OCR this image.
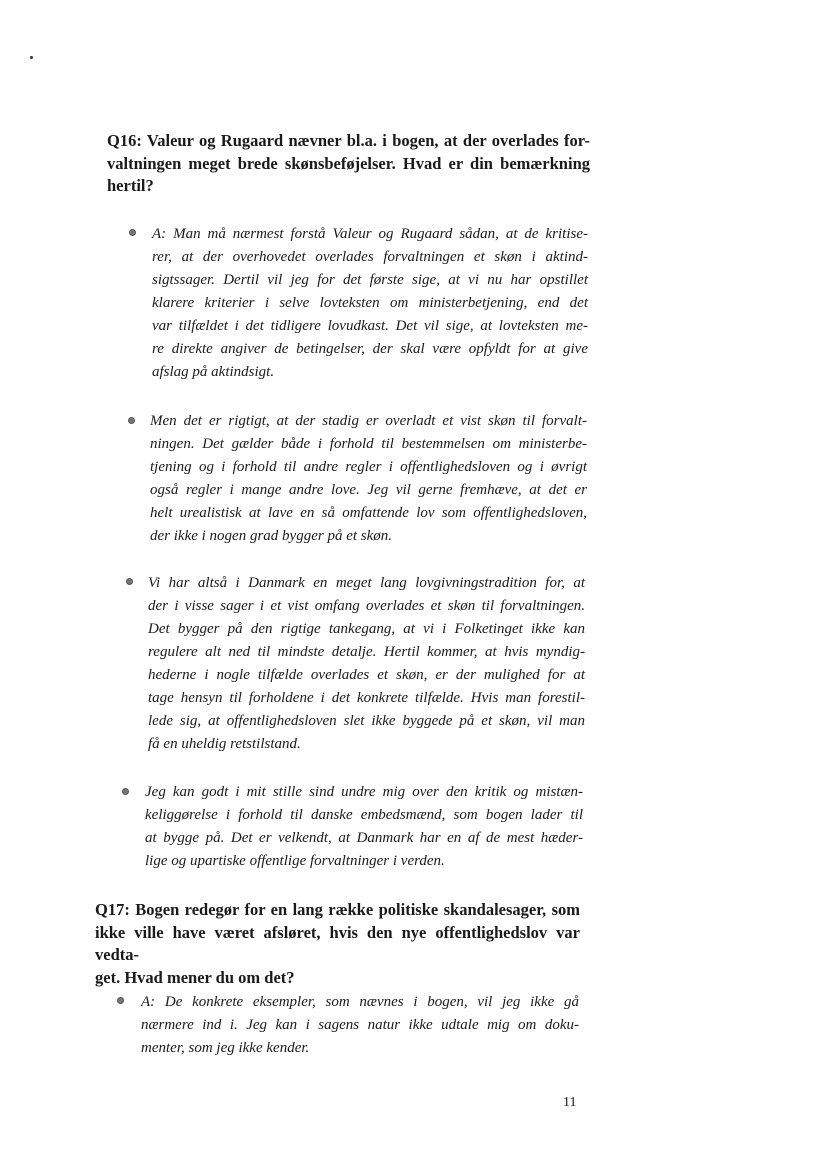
Q16: Valeur og Rugaard nævner bl.a. i bogen, at der overlades for-
valtningen meget brede skønsbeføjelser. Hvad er din bemærkning
hertil?
A: Man må nærmest forstå Valeur og Rugaard sådan, at de kritise-
rer, at der overhovedet overlades forvaltningen et skøn i aktind-
sigtssager. Dertil vil jeg for det første sige, at vi nu har opstillet
klarere kriterier i selve lovteksten om ministerbetjening, end det
var tilfældet i det tidligere lovudkast. Det vil sige, at lovteksten me-
re direkte angiver de betingelser, der skal være opfyldt for at give
afslag på aktindsigt.
Men det er rigtigt, at der stadig er overladt et vist skøn til forvalt-
ningen. Det gælder både i forhold til bestemmelsen om ministerbe-
tjening og i forhold til andre regler i offentlighedsloven og i øvrigt
også regler i mange andre love. Jeg vil gerne fremhæve, at det er
helt urealistisk at lave en så omfattende lov som offentlighedsloven,
der ikke i nogen grad bygger på et skøn.
Vi har altså i Danmark en meget lang lovgivningstradition for, at
der i visse sager i et vist omfang overlades et skøn til forvaltningen.
Det bygger på den rigtige tankegang, at vi i Folketinget ikke kan
regulere alt ned til mindste detalje. Hertil kommer, at hvis myndig-
hederne i nogle tilfælde overlades et skøn, er der mulighed for at
tage hensyn til forholdene i det konkrete tilfælde. Hvis man forestil-
lede sig, at offentlighedsloven slet ikke byggede på et skøn, vil man
få en uheldig retstilstand.
Jeg kan godt i mit stille sind undre mig over den kritik og mistæn-
keliggørelse i forhold til danske embedsmænd, som bogen lader til
at bygge på. Det er velkendt, at Danmark har en af de mest hæder-
lige og upartiske offentlige forvaltninger i verden.
Q17: Bogen redegør for en lang række politiske skandalesager, som
ikke ville have været afsløret, hvis den nye offentlighedslov var vedta-
get. Hvad mener du om det?
A: De konkrete eksempler, som nævnes i bogen, vil jeg ikke gå
nærmere ind i. Jeg kan i sagens natur ikke udtale mig om doku-
menter, som jeg ikke kender.
11
